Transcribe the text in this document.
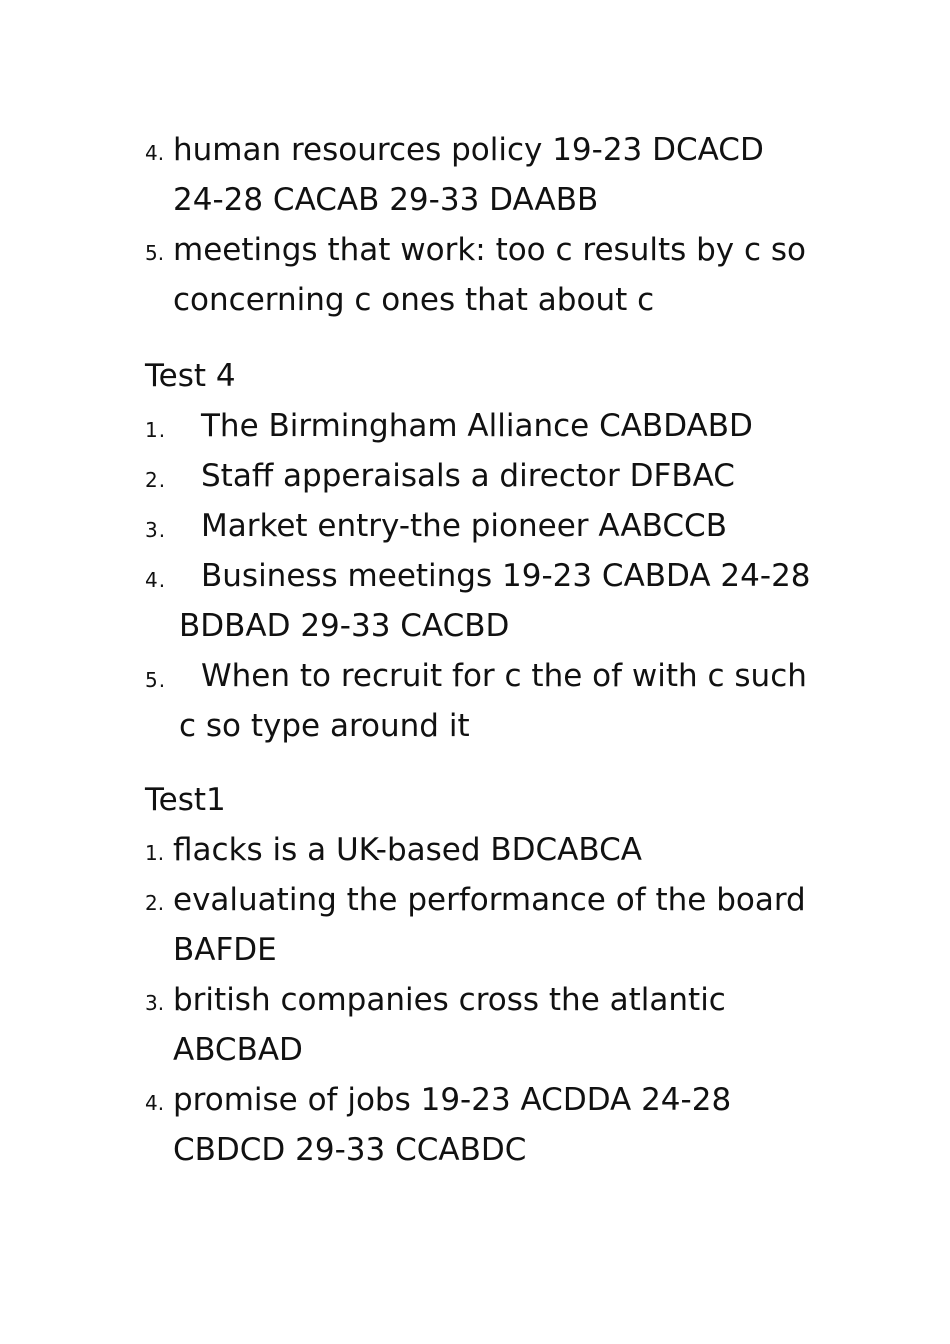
4. human resources policy 19-23 DCACD
24-28 CACAB 29-33 DAABB
5. meetings that work: too c results by c so
concerning c ones that about c
Test 4
1. The Birmingham Alliance CABDABD
2. Staff apperaisals a director DFBAC
3. Market entry-the pioneer AABCCB
4. Business meetings 19-23 CABDA 24-28
BDBAD 29-33 CACBD
5. When to recruit for c the of with c such
c so type around it
Test1
1. flacks is a UK-based BDCABCA
2. evaluating the performance of the board
BAFDE
3. british companies cross the atlantic
ABCBAD
4. promise of jobs 19-23 ACDDA 24-28
CBDCD 29-33 CCABDC
